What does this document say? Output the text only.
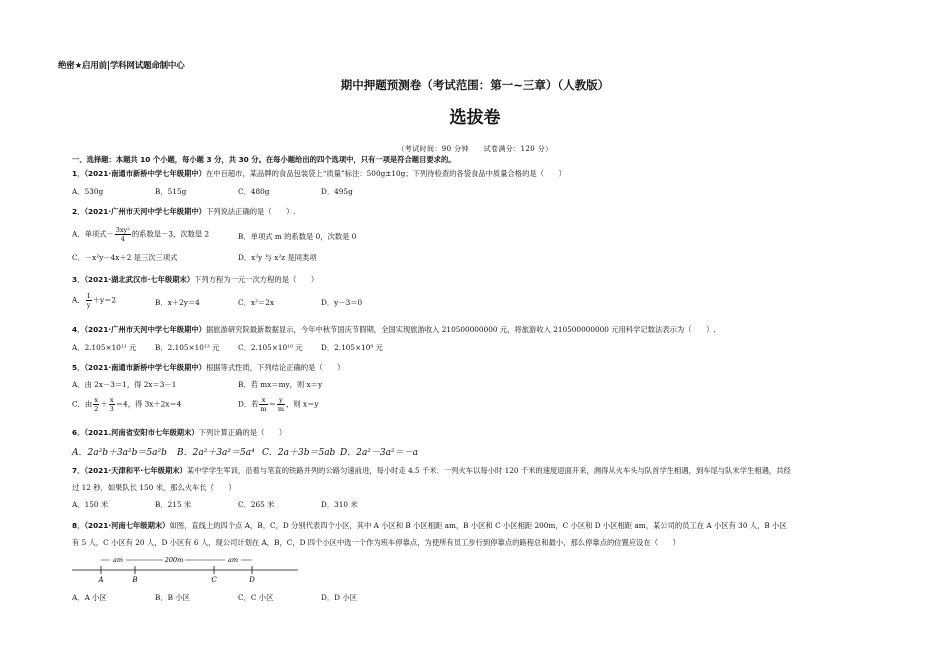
绝密★启用前|学科网试题命制中心
期中押题预测卷（考试范围：第一~三章）（人教版）
选拔卷
（考试时间：90 分钟 试卷满分：120 分）
一、选择题：本题共 10 个小题，每小题 3 分，共 30 分。在每小题给出的四个选项中，只有一项是符合题目要求的。
1．（2021·南通市新桥中学七年级期中）在中百超市，某品牌的食品包装袋上“质量”标注：500g±10g；下列待检查的各袋食品中质量合格的是（　　）
A．530g	B．515g	C．480g	D．495g
2．（2021·广州市天河中学七年级期中）下列说法正确的是（　　）.
A．单项式－ $\frac{\text{3xy²}}{4}$ 的系数是－3，次数是 2	B．单项式 m 的系数是 0，次数是 0
C．－x²y－4x＋2 是三次三项式	D．x²y 与 x²z 是同类项
3．（2021·湖北武汉市·七年级期末）下列方程为一元一次方程的是（　　）
A． $\frac{1}{y} +y=2$	B．x＋2y＝4	C．x²＝2x	D．y－3＝0
4．（2021·广州市天河中学七年级期中）据旅游研究院最新数据显示，今年中秋节国庆节假期，全国实现旅游收入 210500000000 元，将旅游收入 210500000000 元用科学记数法表示为（　　）.
A．2.105×10¹¹ 元	B．2.105×10¹² 元	C．2.105×10¹⁰ 元	D．2.105×10⁹ 元
5．（2021·南通市新桥中学七年级期中）根据等式性质，下列结论正确的是（　　）
A．由 2x－3＝1，得 2x＝3－1	B．若 mx＝my，则 x＝y
C．由 $\frac{x}{2} + \frac{x}{3} =4$，得 3x＋2x＝4	D．若 $\frac{x}{m} = \frac{y}{m}$ ，则 x＝y
6．（2021.河南省安阳市七年级期末）下列计算正确的是（　　）
A．2a²b＋3a²b＝5a²b B．2a²＋3a²＝5a⁴ C．2a＋3b＝5ab D．2a²－3a²＝－a
7．（2021·天津和平·七年级期末）某中学学生军训，沿着与笔直的铁路并列的公路匀速前进，每小时走 4.5 千米．一列火车以每小时 120 千米的速度迎面开来，测得从火车头与队首学生相遇，到车尾与队末学生相遇，共经
过 12 秒．如果队长 150 米，那么火车长（　　）
A．150 米	B．215 米	C．265 米	D．310 米
8．（2021·河南七年级期末）如图，直线上的四个点 A，B，C，D 分别代表四个小区，其中 A 小区和 B 小区相距 am，B 小区和 C 小区相距 200m，C 小区和 D 小区相距 am，某公司的员工在 A 小区有 30 人，B 小区
有 5 人，C 小区有 20 人，D 小区有 6 人，现公司计划在 A，B，C，D 四个小区中选一个作为班车停靠点，为使所有员工步行到停靠点的路程总和最小，那么停靠点的位置应设在（　　）
am	200m	am
A	B	C	D
A．A 小区	B．B 小区	C．C 小区	D．D 小区
